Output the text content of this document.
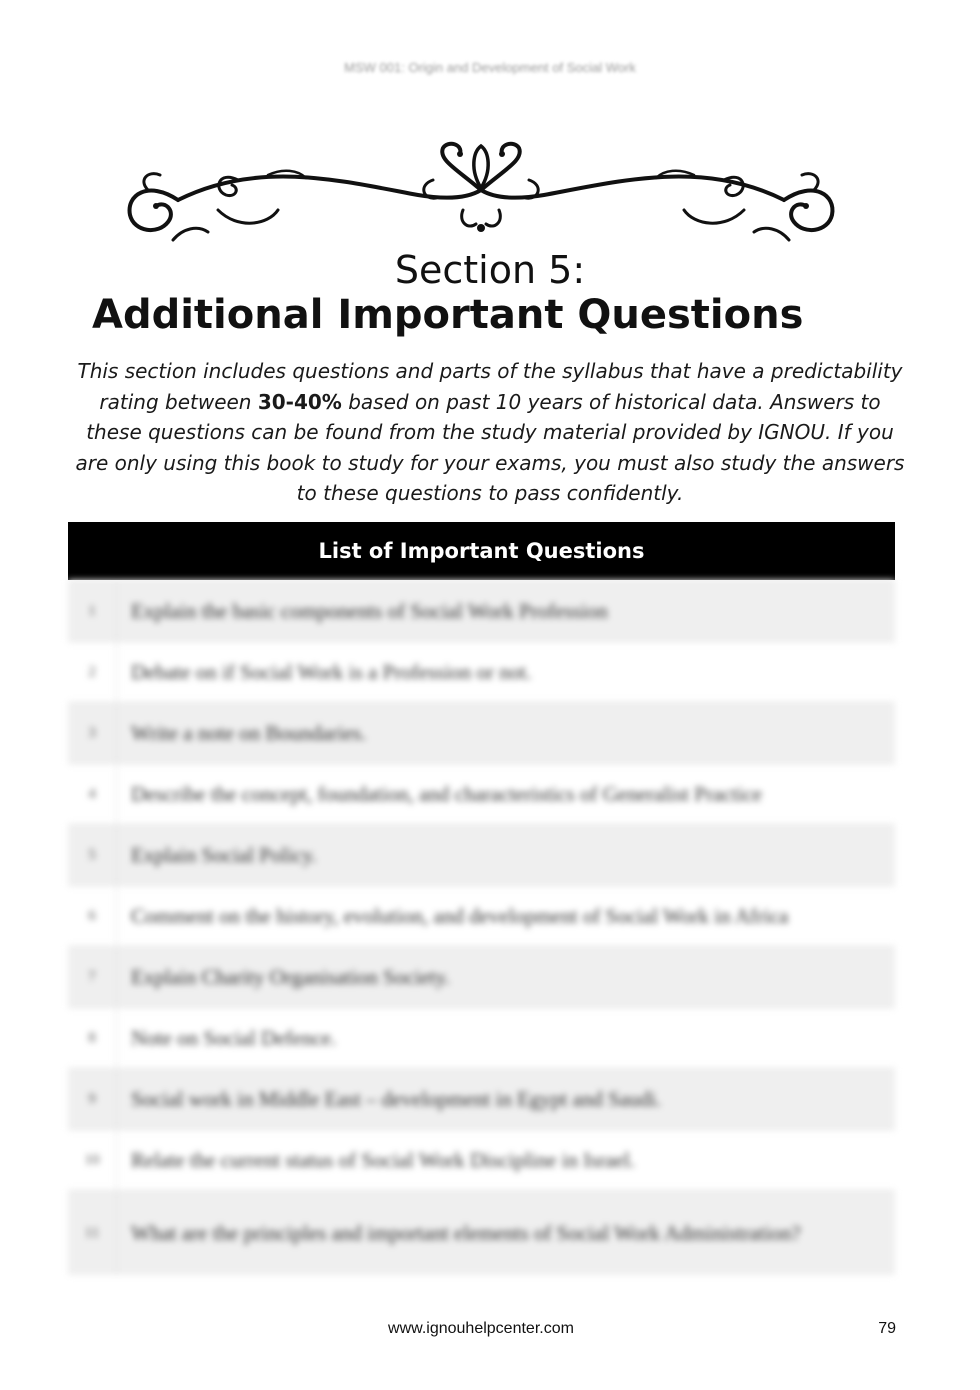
MSW 001: Origin and Development of Social Work
Section 5:
Additional Important Questions
This section includes questions and parts of the syllabus that have a predictability rating between 30-40% based on past 10 years of historical data. Answers to these questions can be found from the study material provided by IGNOU. If you are only using this book to study for your exams, you must also study the answers to these questions to pass confidently.
List of Important Questions
1	Explain the basic components of Social Work Profession
2	Debate on if Social Work is a Profession or not.
3	Write a note on Boundaries.
4	Describe the concept, foundation, and characteristics of Generalist Practice
5	Explain Social Policy.
6	Comment on the history, evolution, and development of Social Work in Africa
7	Explain Charity Organisation Society.
8	Note on Social Defence.
9	Social work in Middle East – development in Egypt and Saudi.
10	Relate the current status of Social Work Discipline in Israel.
11	What are the principles and important elements of Social Work Administration?
www.ignouhelpcenter.com	79
